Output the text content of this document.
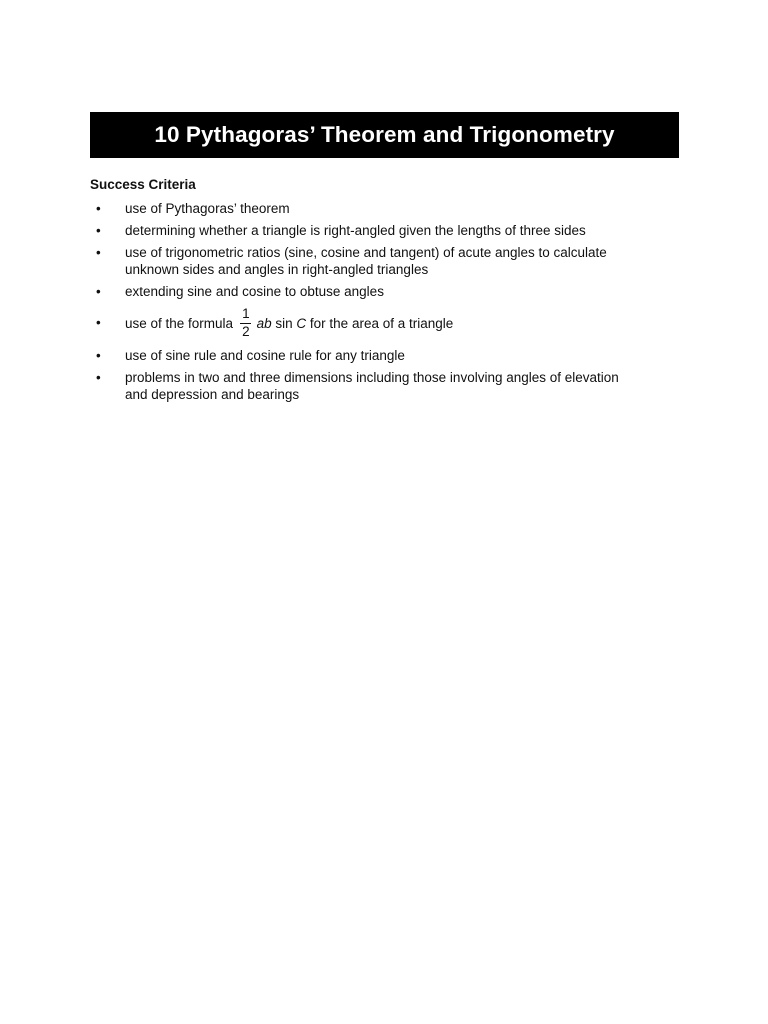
10 Pythagoras’ Theorem and Trigonometry
Success Criteria
• use of Pythagoras’ theorem
• determining whether a triangle is right-angled given the lengths of three sides
• use of trigonometric ratios (sine, cosine and tangent) of acute angles to calculate unknown sides and angles in right-angled triangles
• extending sine and cosine to obtuse angles
• use of the formula $\frac{1}{2}$ ab
sin
C
for the area of a triangle
• use of sine rule and cosine rule for any triangle
• problems in two and three dimensions including those involving angles of elevation and depression and bearings
